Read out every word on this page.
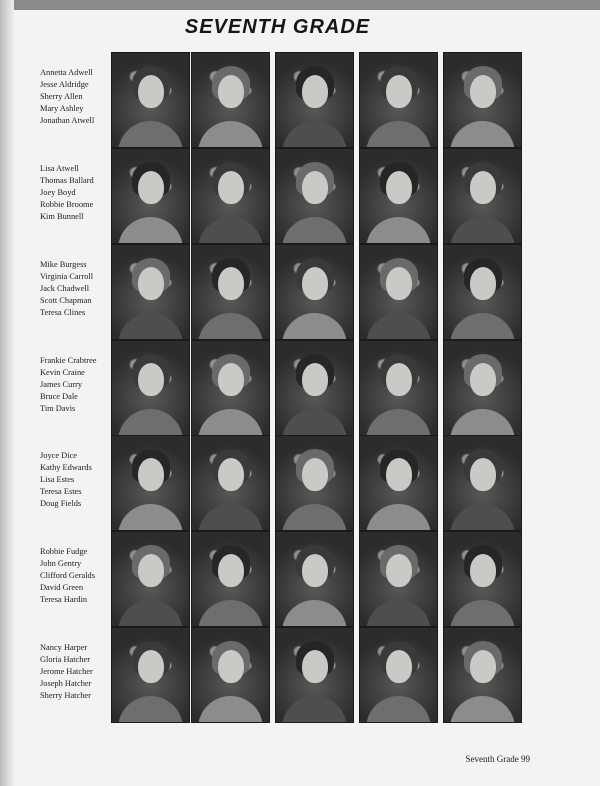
SEVENTH GRADE
Annetta Adwell
Jesse Aldridge
Sherry Allen
Mary Ashley
Jonathan Atwell
Lisa Atwell
Thomas Ballard
Joey Boyd
Robbie Broome
Kim Bunnell
Mike Burgess
Virginia Carroll
Jack Chadwell
Scott Chapman
Teresa Clines
Frankie Crabtree
Kevin Craine
James Curry
Bruce Dale
Tim Davis
Joyce Dice
Kathy Edwards
Lisa Estes
Teresa Estes
Doug Fields
Robbie Fudge
John Gentry
Clifford Geralds
David Green
Teresa Hardin
Nancy Harper
Gloria Hatcher
Jerome Hatcher
Joseph Hatcher
Sherry Hatcher
Seventh Grade 99
